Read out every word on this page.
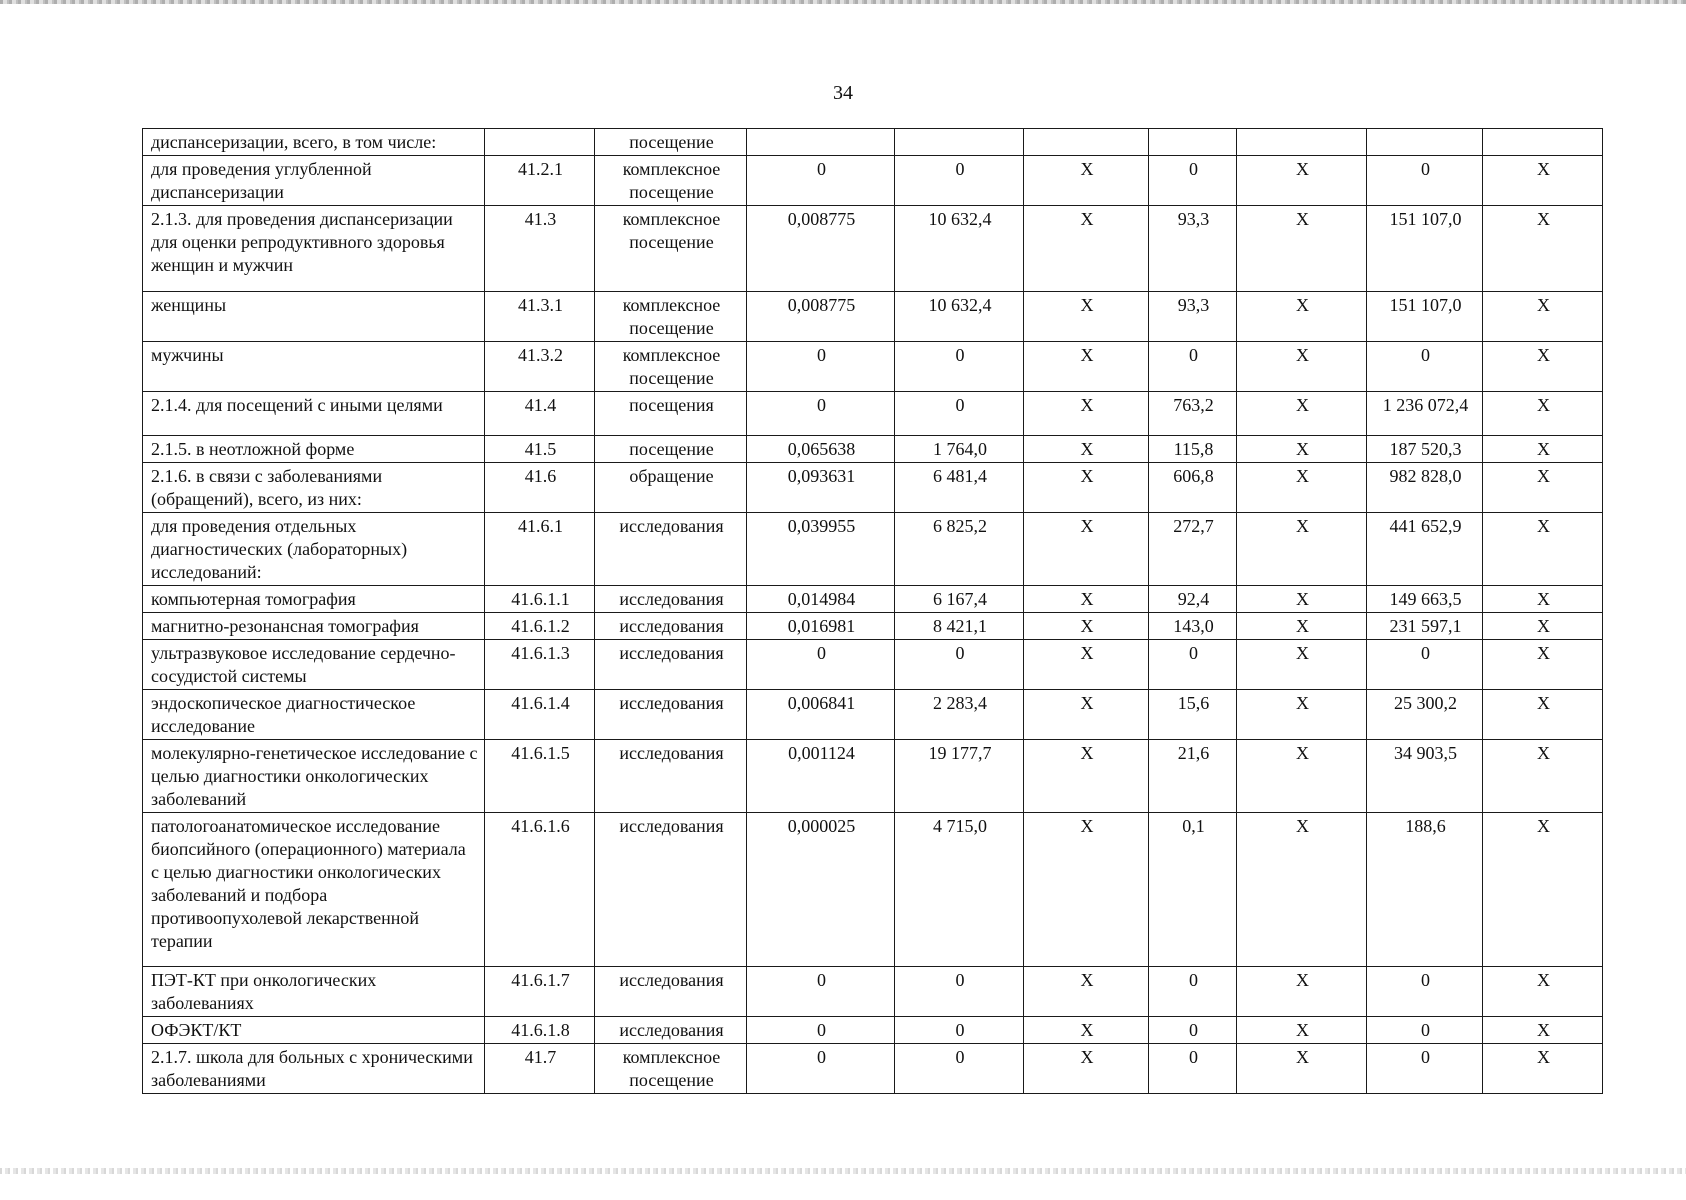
34
диспансеризации, всего, в том числе:		посещение							
для проведения углубленной диспансеризации	41.2.1	комплексное посещение	0	0	X	0	X	0	X
2.1.3. для проведения диспансеризации для оценки репродуктивного здоровья женщин и мужчин	41.3	комплексное посещение	0,008775	10 632,4	X	93,3	X	151 107,0	X
женщины	41.3.1	комплексное посещение	0,008775	10 632,4	X	93,3	X	151 107,0	X
мужчины	41.3.2	комплексное посещение	0	0	X	0	X	0	X
2.1.4. для посещений с иными целями	41.4	посещения	0	0	X	763,2	X	1 236 072,4	X
2.1.5. в неотложной форме	41.5	посещение	0,065638	1 764,0	X	115,8	X	187 520,3	X
2.1.6. в связи с заболеваниями (обращений), всего, из них:	41.6	обращение	0,093631	6 481,4	X	606,8	X	982 828,0	X
для проведения отдельных диагностических (лабораторных) исследований:	41.6.1	исследования	0,039955	6 825,2	X	272,7	X	441 652,9	X
компьютерная томография	41.6.1.1	исследования	0,014984	6 167,4	X	92,4	X	149 663,5	X
магнитно-резонансная томография	41.6.1.2	исследования	0,016981	8 421,1	X	143,0	X	231 597,1	X
ультразвуковое исследование сердечно-сосудистой системы	41.6.1.3	исследования	0	0	X	0	X	0	X
эндоскопическое диагностическое исследование	41.6.1.4	исследования	0,006841	2 283,4	X	15,6	X	25 300,2	X
молекулярно-генетическое исследование с целью диагностики онкологических заболеваний	41.6.1.5	исследования	0,001124	19 177,7	X	21,6	X	34 903,5	X
патологоанатомическое исследование биопсийного (операционного) материала с целью диагностики онкологических заболеваний и подбора противоопухолевой лекарственной терапии	41.6.1.6	исследования	0,000025	4 715,0	X	0,1	X	188,6	X
ПЭТ-КТ при онкологических заболеваниях	41.6.1.7	исследования	0	0	X	0	X	0	X
ОФЭКТ/КТ	41.6.1.8	исследования	0	0	X	0	X	0	X
2.1.7. школа для больных с хроническими заболеваниями	41.7	комплексное посещение	0	0	X	0	X	0	X
